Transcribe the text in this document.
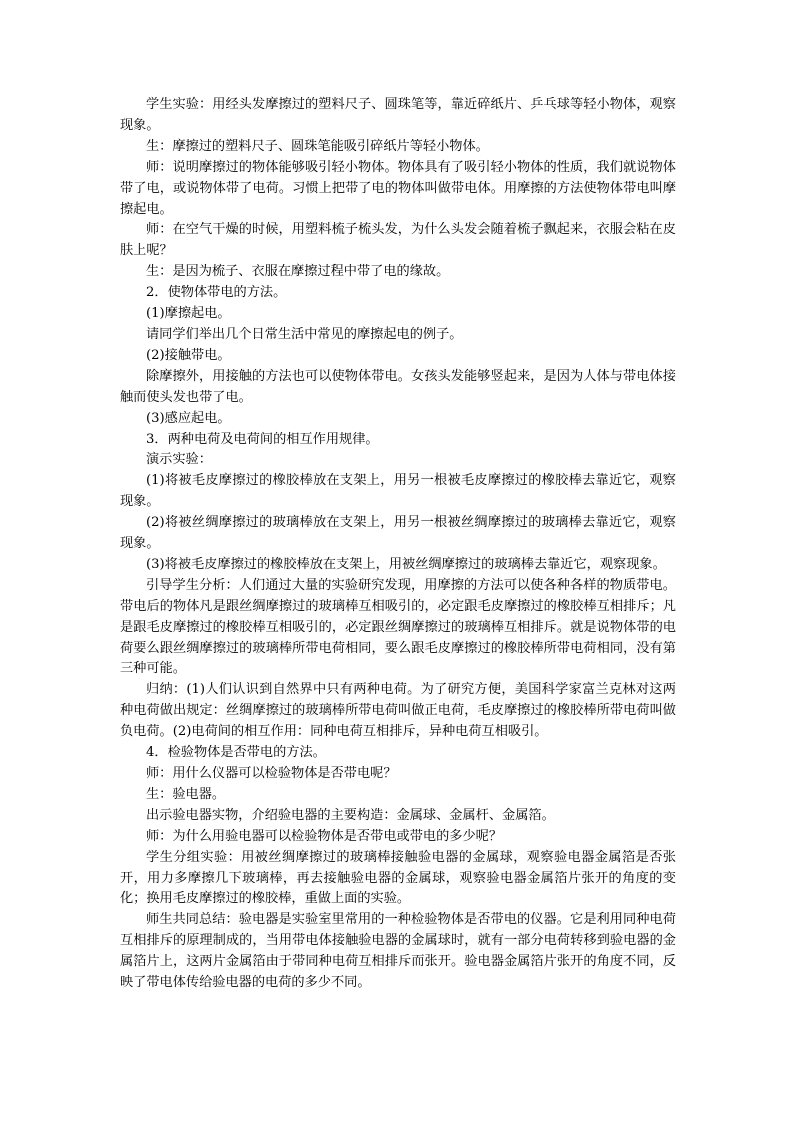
学生实验：用经头发摩擦过的塑料尺子、圆珠笔等，靠近碎纸片、乒乓球等轻小物体，观察现象。

生：摩擦过的塑料尺子、圆珠笔能吸引碎纸片等轻小物体。

师：说明摩擦过的物体能够吸引轻小物体。物体具有了吸引轻小物体的性质，我们就说物体带了电，或说物体带了电荷。习惯上把带了电的物体叫做带电体。用摩擦的方法使物体带电叫摩擦起电。

师：在空气干燥的时候，用塑料梳子梳头发，为什么头发会随着梳子飘起来，衣服会粘在皮肤上呢？

生：是因为梳子、衣服在摩擦过程中带了电的缘故。

2．使物体带电的方法。

(1)摩擦起电。

请同学们举出几个日常生活中常见的摩擦起电的例子。

(2)接触带电。

除摩擦外，用接触的方法也可以使物体带电。女孩头发能够竖起来，是因为人体与带电体接触而使头发也带了电。

(3)感应起电。

3．两种电荷及电荷间的相互作用规律。

演示实验：

(1)将被毛皮摩擦过的橡胶棒放在支架上，用另一根被毛皮摩擦过的橡胶棒去靠近它，观察现象。

(2)将被丝绸摩擦过的玻璃棒放在支架上，用另一根被丝绸摩擦过的玻璃棒去靠近它，观察现象。

(3)将被毛皮摩擦过的橡胶棒放在支架上，用被丝绸摩擦过的玻璃棒去靠近它，观察现象。

引导学生分析：人们通过大量的实验研究发现，用摩擦的方法可以使各种各样的物质带电。带电后的物体凡是跟丝绸摩擦过的玻璃棒互相吸引的，必定跟毛皮摩擦过的橡胶棒互相排斥；凡是跟毛皮摩擦过的橡胶棒互相吸引的，必定跟丝绸摩擦过的玻璃棒互相排斥。就是说物体带的电荷要么跟丝绸摩擦过的玻璃棒所带电荷相同，要么跟毛皮摩擦过的橡胶棒所带电荷相同，没有第三种可能。

归纳：(1)人们认识到自然界中只有两种电荷。为了研究方便，美国科学家富兰克林对这两种电荷做出规定：丝绸摩擦过的玻璃棒所带电荷叫做正电荷，毛皮摩擦过的橡胶棒所带电荷叫做负电荷。(2)电荷间的相互作用：同种电荷互相排斥，异种电荷互相吸引。

4．检验物体是否带电的方法。

师：用什么仪器可以检验物体是否带电呢？

生：验电器。

出示验电器实物，介绍验电器的主要构造：金属球、金属杆、金属箔。

师：为什么用验电器可以检验物体是否带电或带电的多少呢？

学生分组实验：用被丝绸摩擦过的玻璃棒接触验电器的金属球，观察验电器金属箔是否张开，用力多摩擦几下玻璃棒，再去接触验电器的金属球，观察验电器金属箔片张开的角度的变化；换用毛皮摩擦过的橡胶棒，重做上面的实验。

师生共同总结：验电器是实验室里常用的一种检验物体是否带电的仪器。它是利用同种电荷互相排斥的原理制成的，当用带电体接触验电器的金属球时，就有一部分电荷转移到验电器的金属箔片上，这两片金属箔由于带同种电荷互相排斥而张开。验电器金属箔片张开的角度不同，反映了带电体传给验电器的电荷的多少不同。
